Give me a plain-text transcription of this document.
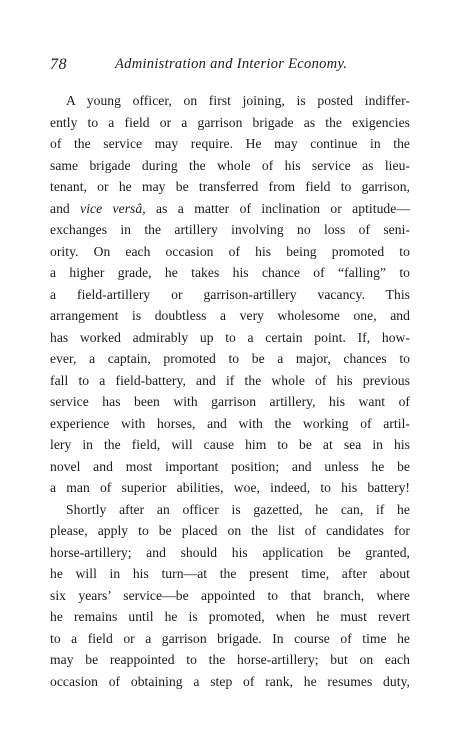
78	Administration and Interior Economy.
A young officer, on first joining, is posted indiffer-
ently to a field or a garrison brigade as the exigencies
of the service may require. He may continue in the
same brigade during the whole of his service as lieu-
tenant, or he may be transferred from field to garrison,
and vice versâ, as a matter of inclination or aptitude—
exchanges in the artillery involving no loss of seni-
ority. On each occasion of his being promoted to
a higher grade, he takes his chance of “falling” to
a field-artillery or garrison-artillery vacancy. This
arrangement is doubtless a very wholesome one, and
has worked admirably up to a certain point. If, how-
ever, a captain, promoted to be a major, chances to
fall to a field-battery, and if the whole of his previous
service has been with garrison artillery, his want of
experience with horses, and with the working of artil-
lery in the field, will cause him to be at sea in his
novel and most important position; and unless he be
a man of superior abilities, woe, indeed, to his battery!
Shortly after an officer is gazetted, he can, if he
please, apply to be placed on the list of candidates for
horse-artillery; and should his application be granted,
he will in his turn—at the present time, after about
six years’ service—be appointed to that branch, where
he remains until he is promoted, when he must revert
to a field or a garrison brigade. In course of time he
may be reappointed to the horse-artillery; but on each
occasion of obtaining a step of rank, he resumes duty,
